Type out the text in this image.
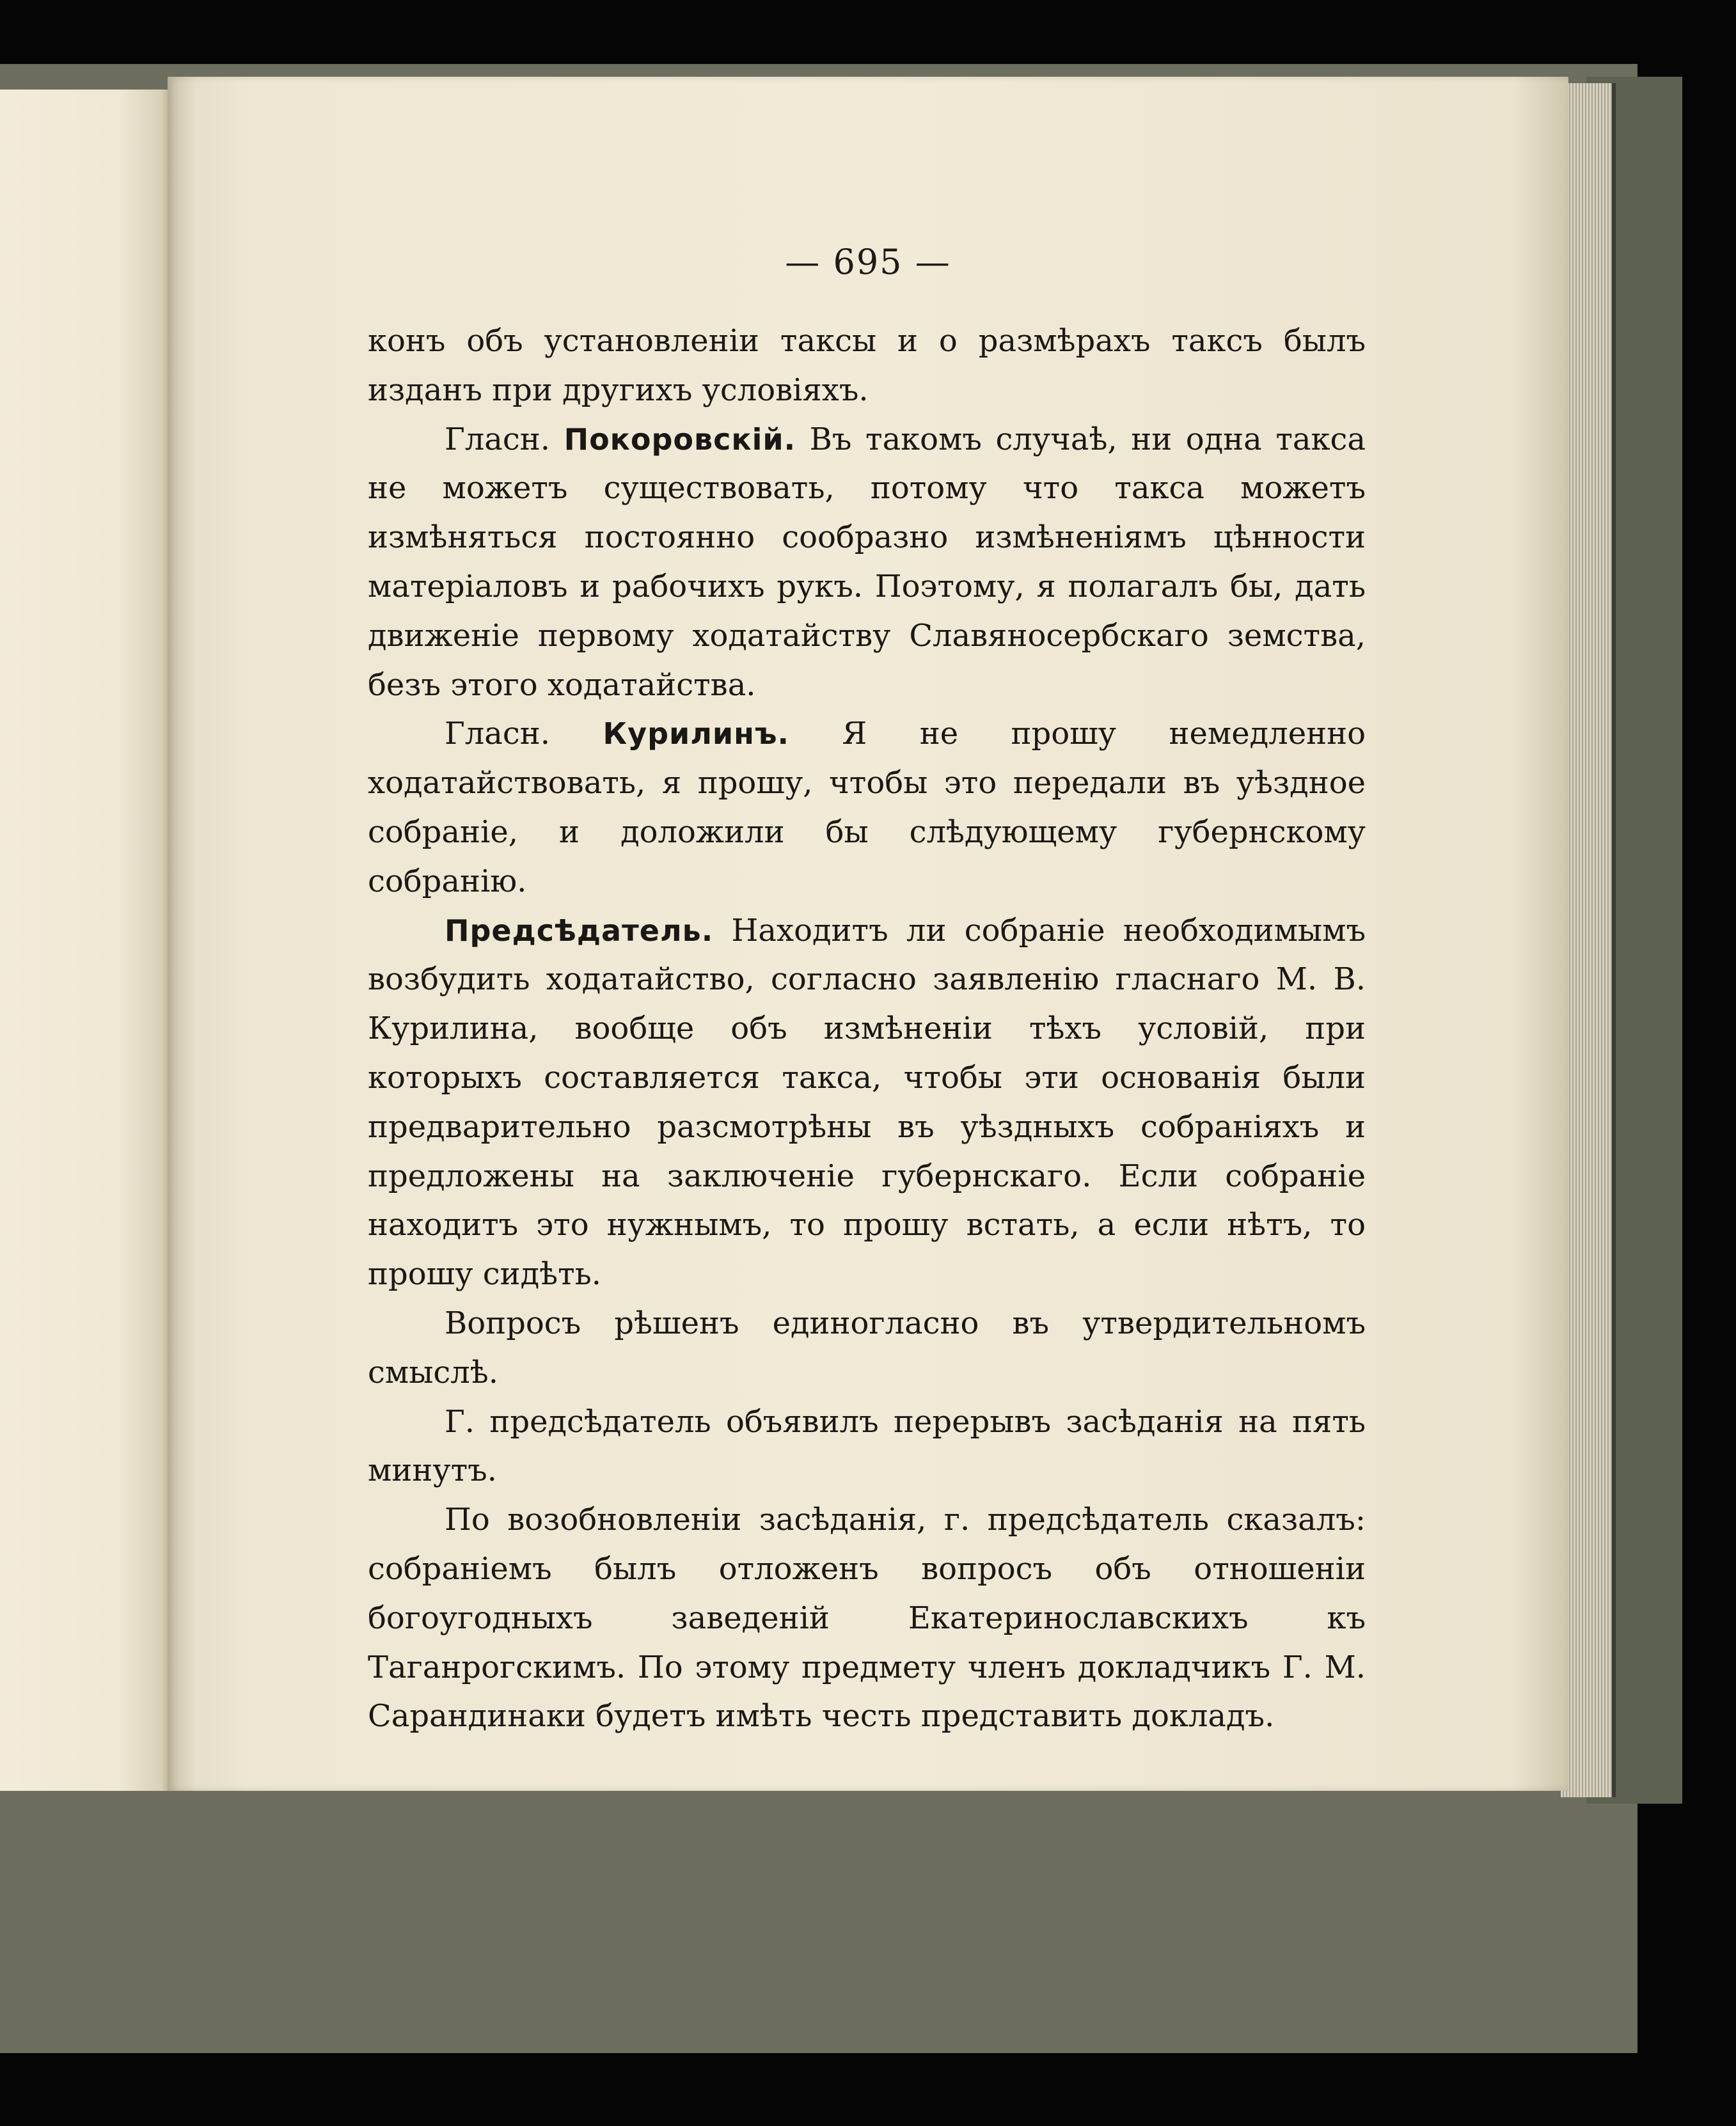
— 695 —

конъ объ установленіи таксы и о размѣрахъ таксъ былъ изданъ при другихъ условіяхъ.

Гласн. Покоровскій. Въ такомъ случаѣ, ни одна такса не можетъ существовать, потому что такса можетъ измѣняться постоянно сообразно измѣненіямъ цѣнности матеріаловъ и рабочихъ рукъ. Поэтому, я полагалъ бы, дать движеніе первому ходатайству Славяносербскаго земства, безъ этого ходатайства.

Гласн. Курилинъ. Я не прошу немедленно ходатайствовать, я прошу, чтобы это передали въ уѣздное собраніе, и доложили бы слѣдующему губернскому собранію.

Предсѣдатель. Находитъ ли собраніе необходимымъ возбудить ходатайство, согласно заявленію гласнаго М. В. Курилина, вообще объ измѣненіи тѣхъ условій, при которыхъ составляется такса, чтобы эти основанія были предварительно разсмотрѣны въ уѣздныхъ собраніяхъ и предложены на заключеніе губернскаго. Если собраніе находитъ это нужнымъ, то прошу встать, а если нѣтъ, то прошу сидѣть.

Вопросъ рѣшенъ единогласно въ утвердительномъ смыслѣ.

Г. предсѣдатель объявилъ перерывъ засѣданія на пять минутъ.

По возобновленіи засѣданія, г. предсѣдатель сказалъ: собраніемъ былъ отложенъ вопросъ объ отношеніи богоугодныхъ заведеній Екатеринославскихъ къ Таганрогскимъ. По этому предмету членъ докладчикъ Г. М. Сарандинаки будетъ имѣть честь представить докладъ.
